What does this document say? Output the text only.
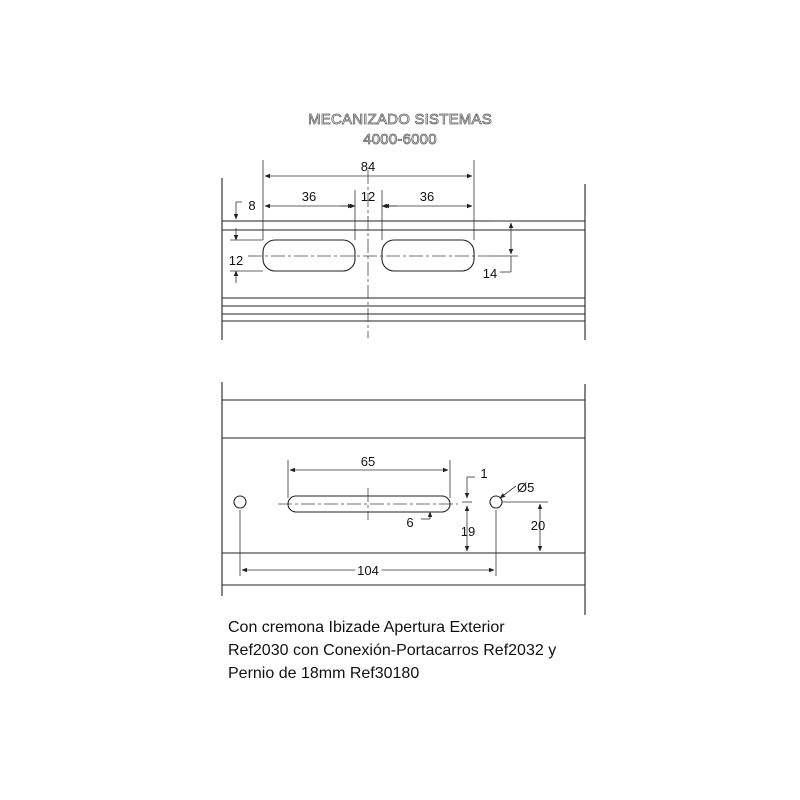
MECANIZADO SISTEMAS
4000-6000
84
36	12	36
8
12
14
65
1
Ø5
6
19	20
104
Con cremona Ibizade Apertura Exterior
Ref2030 con Conexión-Portacarros Ref2032 y
Pernio de 18mm Ref30180
